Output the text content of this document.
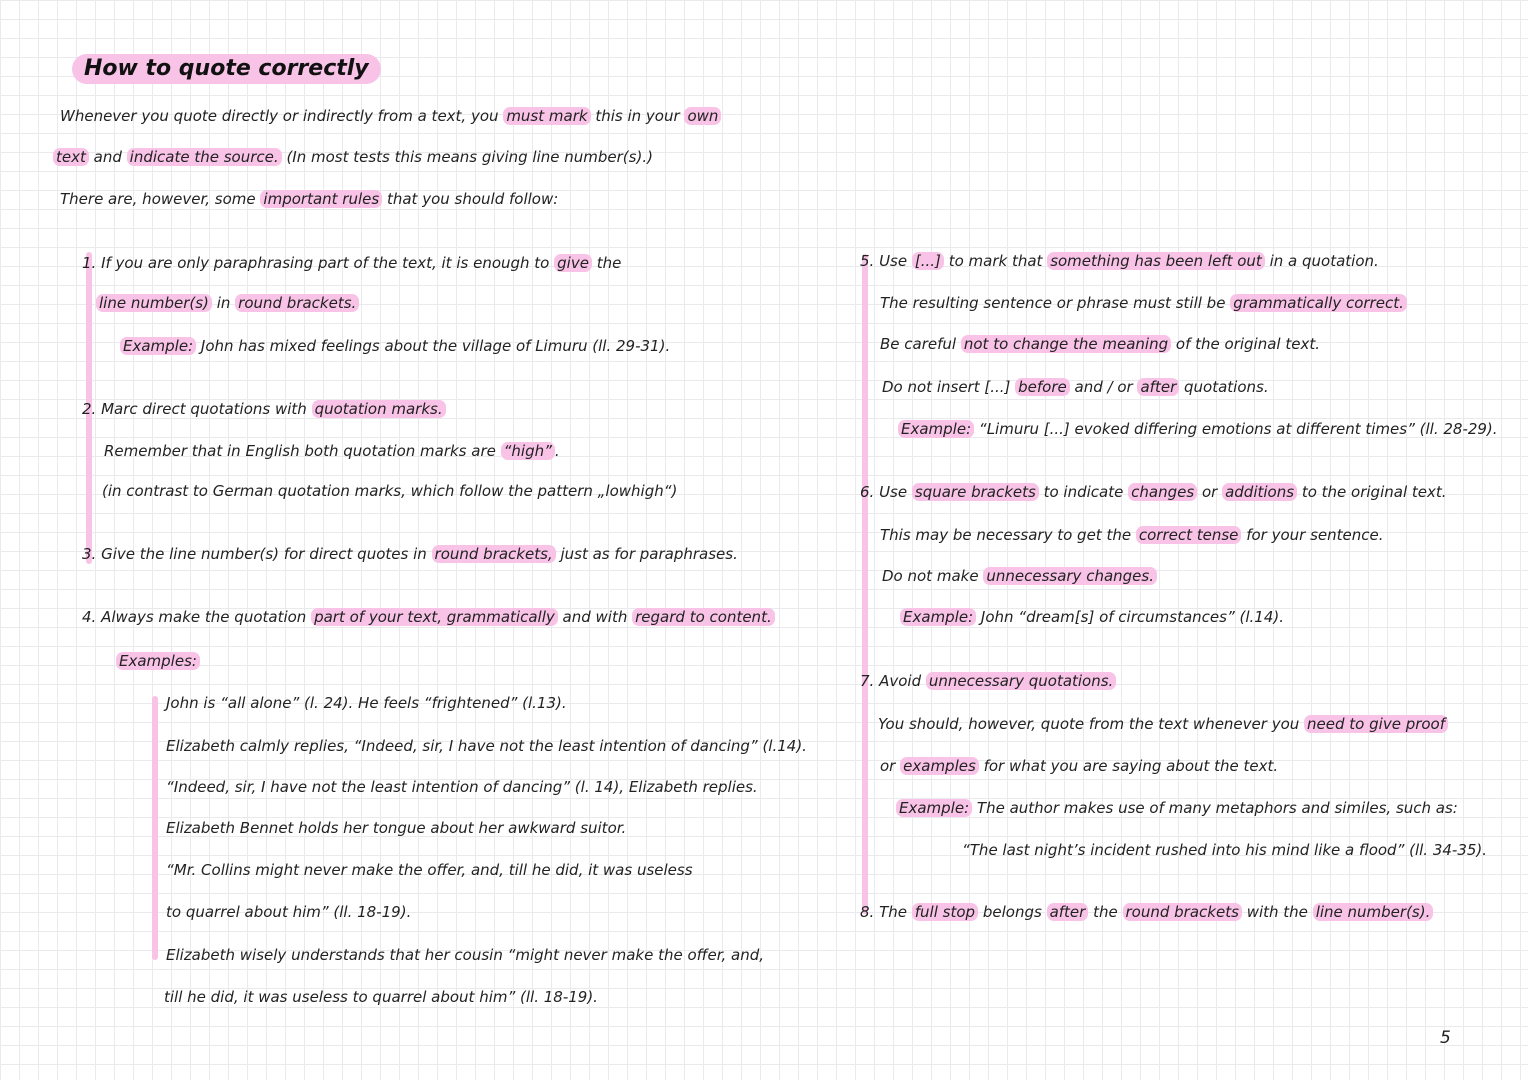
How to quote correctly
Whenever you quote directly or indirectly from a text, you must mark this in your own
text and indicate the source. (In most tests this means giving line number(s).)
There are, however, some important rules that you should follow:
1. If you are only paraphrasing part of the text, it is enough to give the
line number(s) in round brackets.
Example: John has mixed feelings about the village of Limuru (ll. 29-31).
2. Marc direct quotations with quotation marks.
Remember that in English both quotation marks are “high” .
(in contrast to German quotation marks, which follow the pattern „lowhigh“)
3. Give the line number(s) for direct quotes in round brackets, just as for paraphrases.
4. Always make the quotation part of your text, grammatically and with regard to content.
Examples:
John is “all alone” (l. 24). He feels “frightened” (l.13).
Elizabeth calmly replies, “Indeed, sir, I have not the least intention of dancing” (l.14).
“Indeed, sir, I have not the least intention of dancing” (l. 14), Elizabeth replies.
Elizabeth Bennet holds her tongue about her awkward suitor.
“Mr. Collins might never make the offer, and, till he did, it was useless
to quarrel about him” (ll. 18-19).
Elizabeth wisely understands that her cousin “might never make the offer, and,
till he did, it was useless to quarrel about him” (ll. 18-19).
5. Use [...] to mark that something has been left out in a quotation.
The resulting sentence or phrase must still be grammatically correct.
Be careful not to change the meaning of the original text.
Do not insert [...] before and / or after quotations.
Example: “Limuru [...] evoked differing emotions at different times” (ll. 28-29).
6. Use square brackets to indicate changes or additions to the original text.
This may be necessary to get the correct tense for your sentence.
Do not make unnecessary changes.
Example: John “dream[s] of circumstances” (l.14).
7. Avoid unnecessary quotations.
You should, however, quote from the text whenever you need to give proof
or examples for what you are saying about the text.
Example: The author makes use of many metaphors and similes, such as:
“The last night’s incident rushed into his mind like a flood” (ll. 34-35).
8. The full stop belongs after the round brackets with the line number(s).
5
